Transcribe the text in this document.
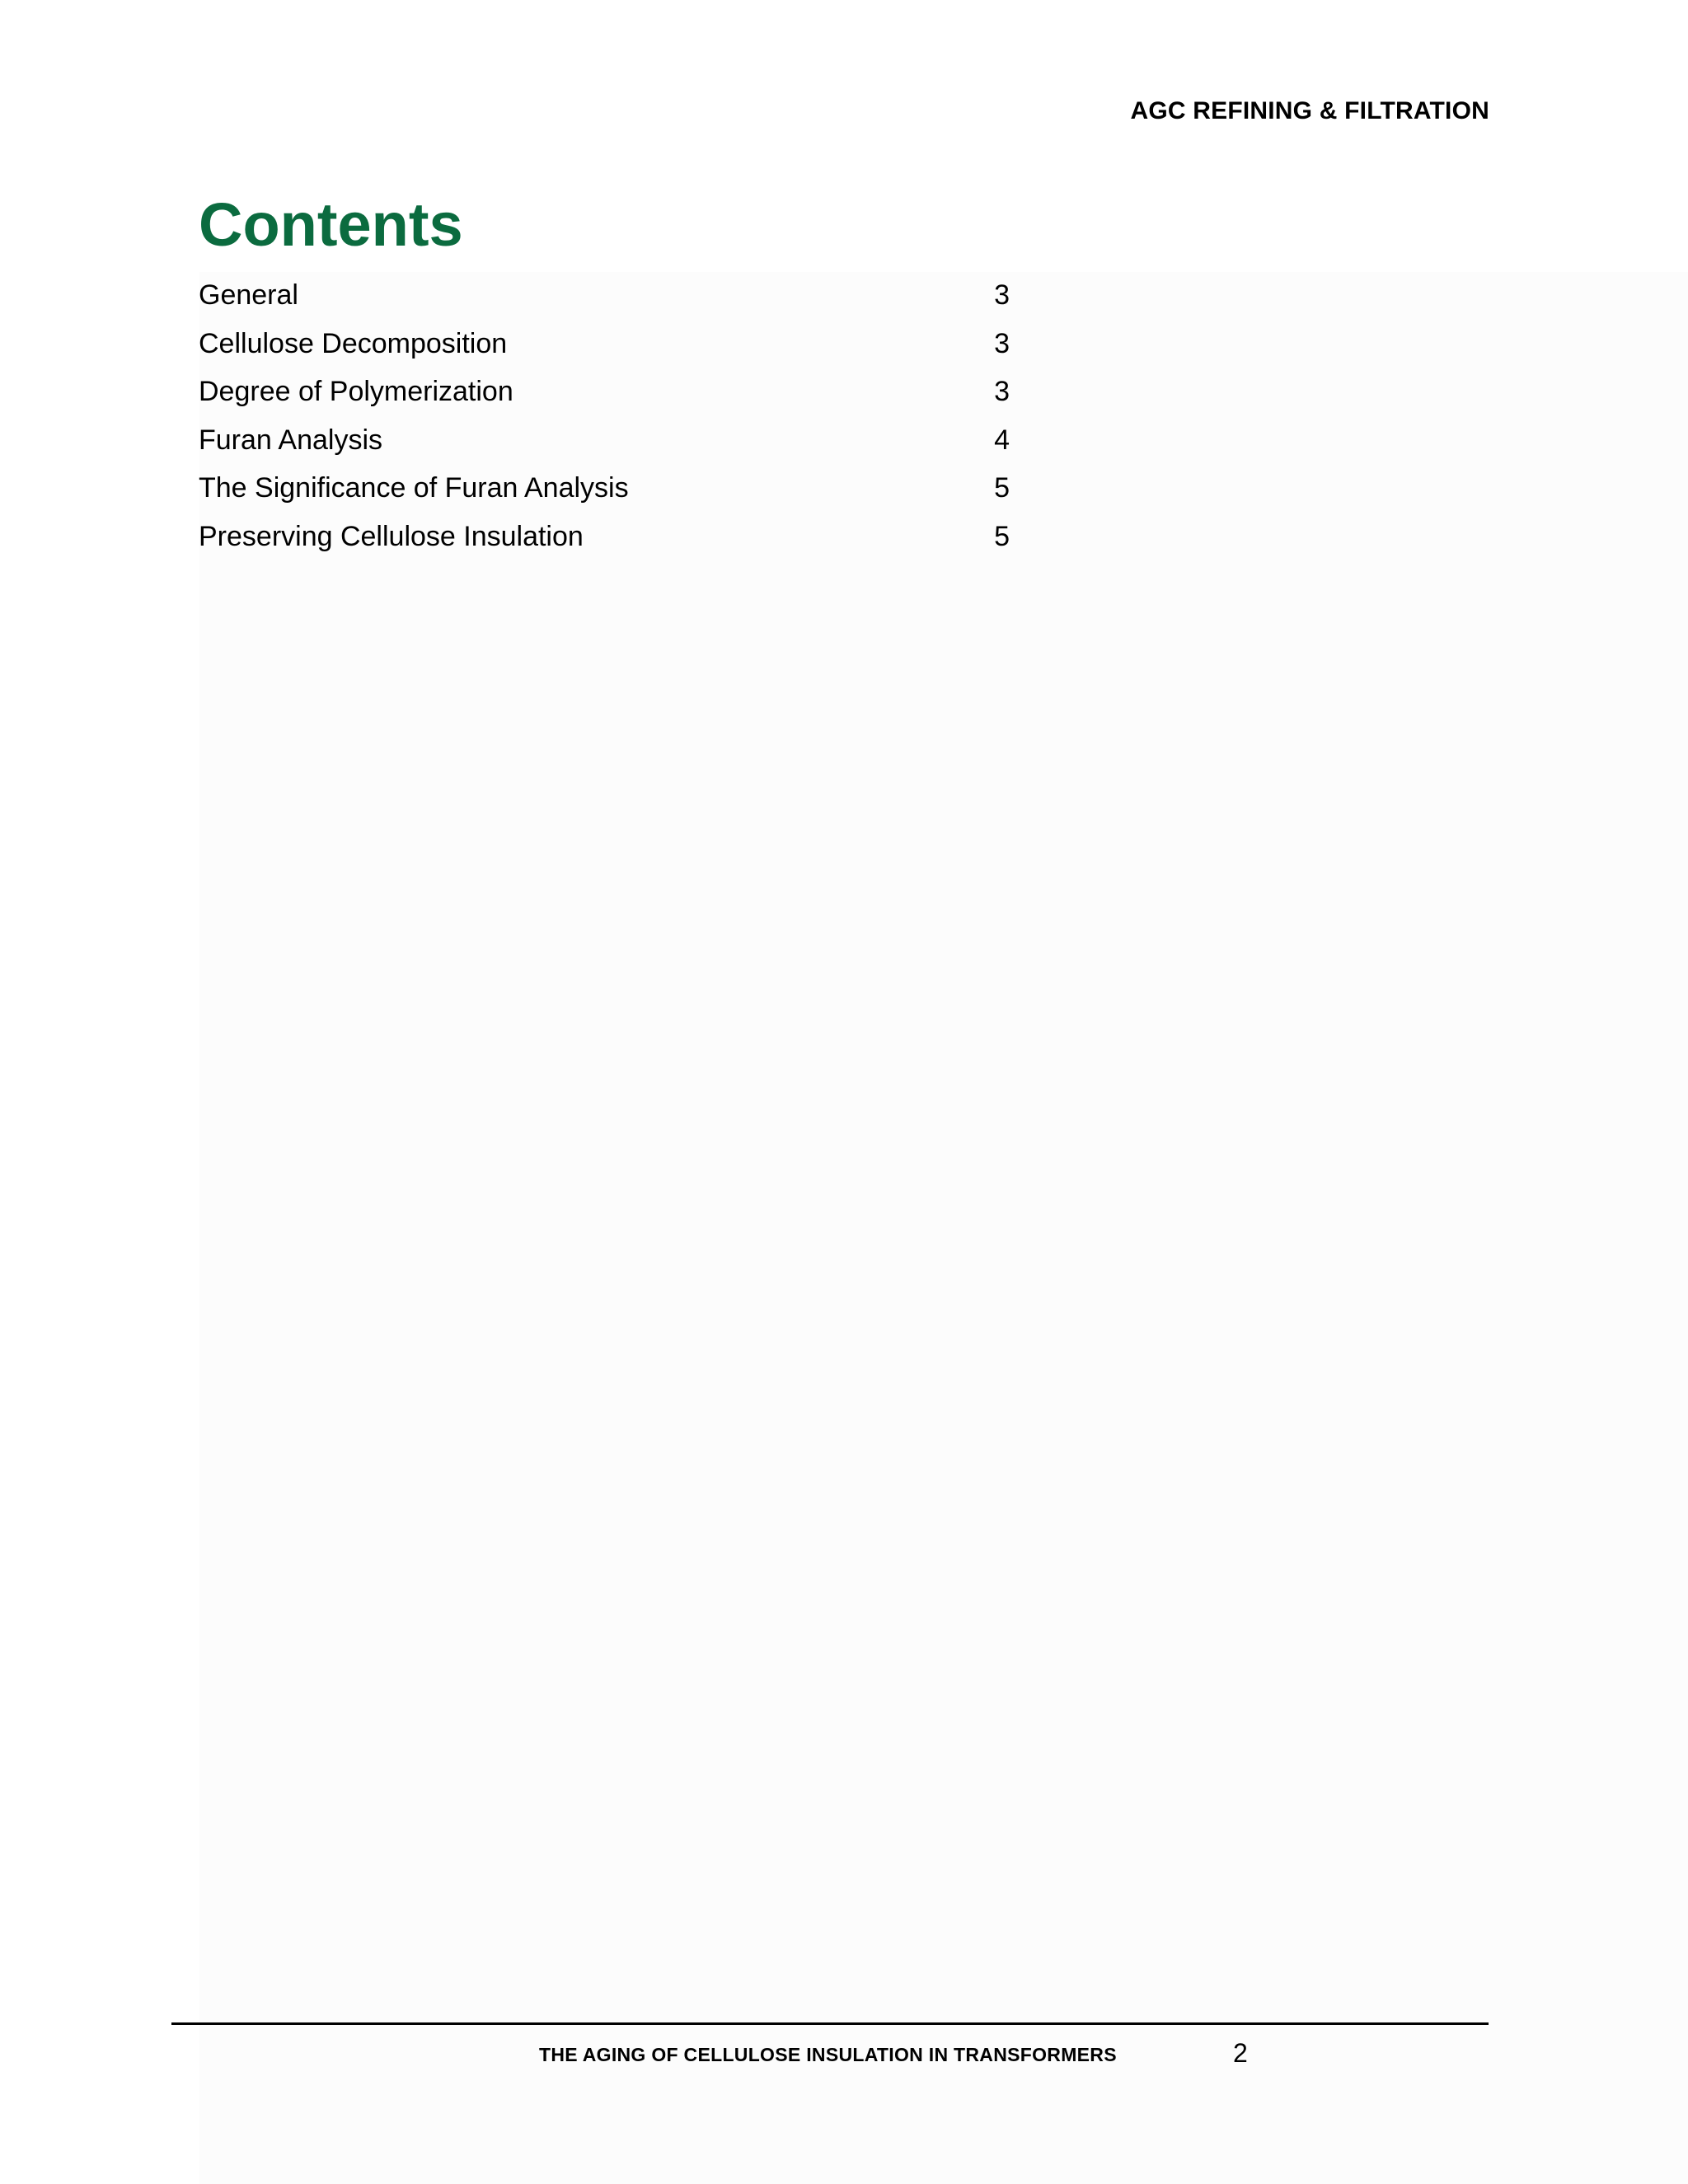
AGC REFINING & FILTRATION
Contents
General	3
Cellulose Decomposition	3
Degree of Polymerization	3
Furan Analysis	4
The Significance of Furan Analysis	5
Preserving Cellulose Insulation	5
THE AGING OF CELLULOSE INSULATION IN TRANSFORMERS	2
